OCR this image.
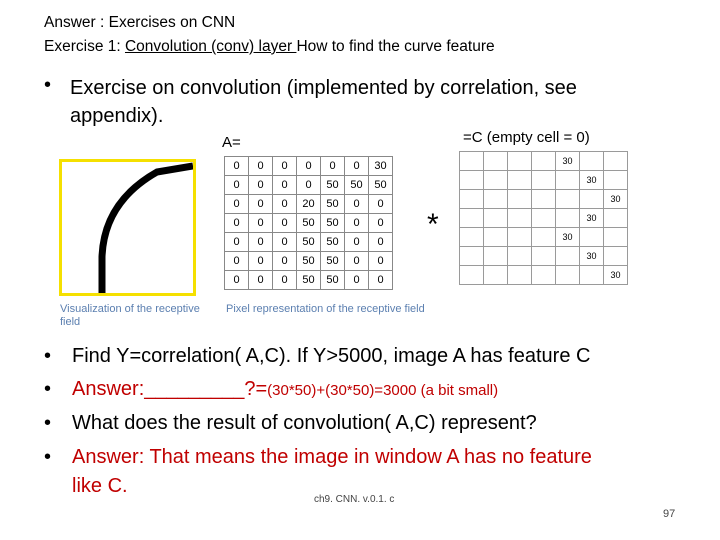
Answer : Exercises on CNN
Exercise 1: Convolution (conv) layer How to find the curve feature
• Exercise on convolution (implemented by correlation, see appendix).
A=	=C (empty cell = 0)
Visualization of the receptive field
0	0	0	0	0	0	30
0	0	0	0	50	50	50
0	0	0	20	50	0	0
0	0	0	50	50	0	0
0	0	0	50	50	0	0
0	0	0	50	50	0	0
0	0	0	50	50	0	0
Pixel representation of the receptive field
*
				30		
					30	
						30
					30	
				30		
					30	
						30
•
•
•
•
Find Y=correlation( A,C). If Y>5000, image A has feature C
Answer:_________?=(30*50)+(30*50)=3000 (a bit small)
What does the result of convolution( A,C) represent?
Answer: That means the image in window A has no feature
like C.
ch9. CNN. v.0.1. c
97
